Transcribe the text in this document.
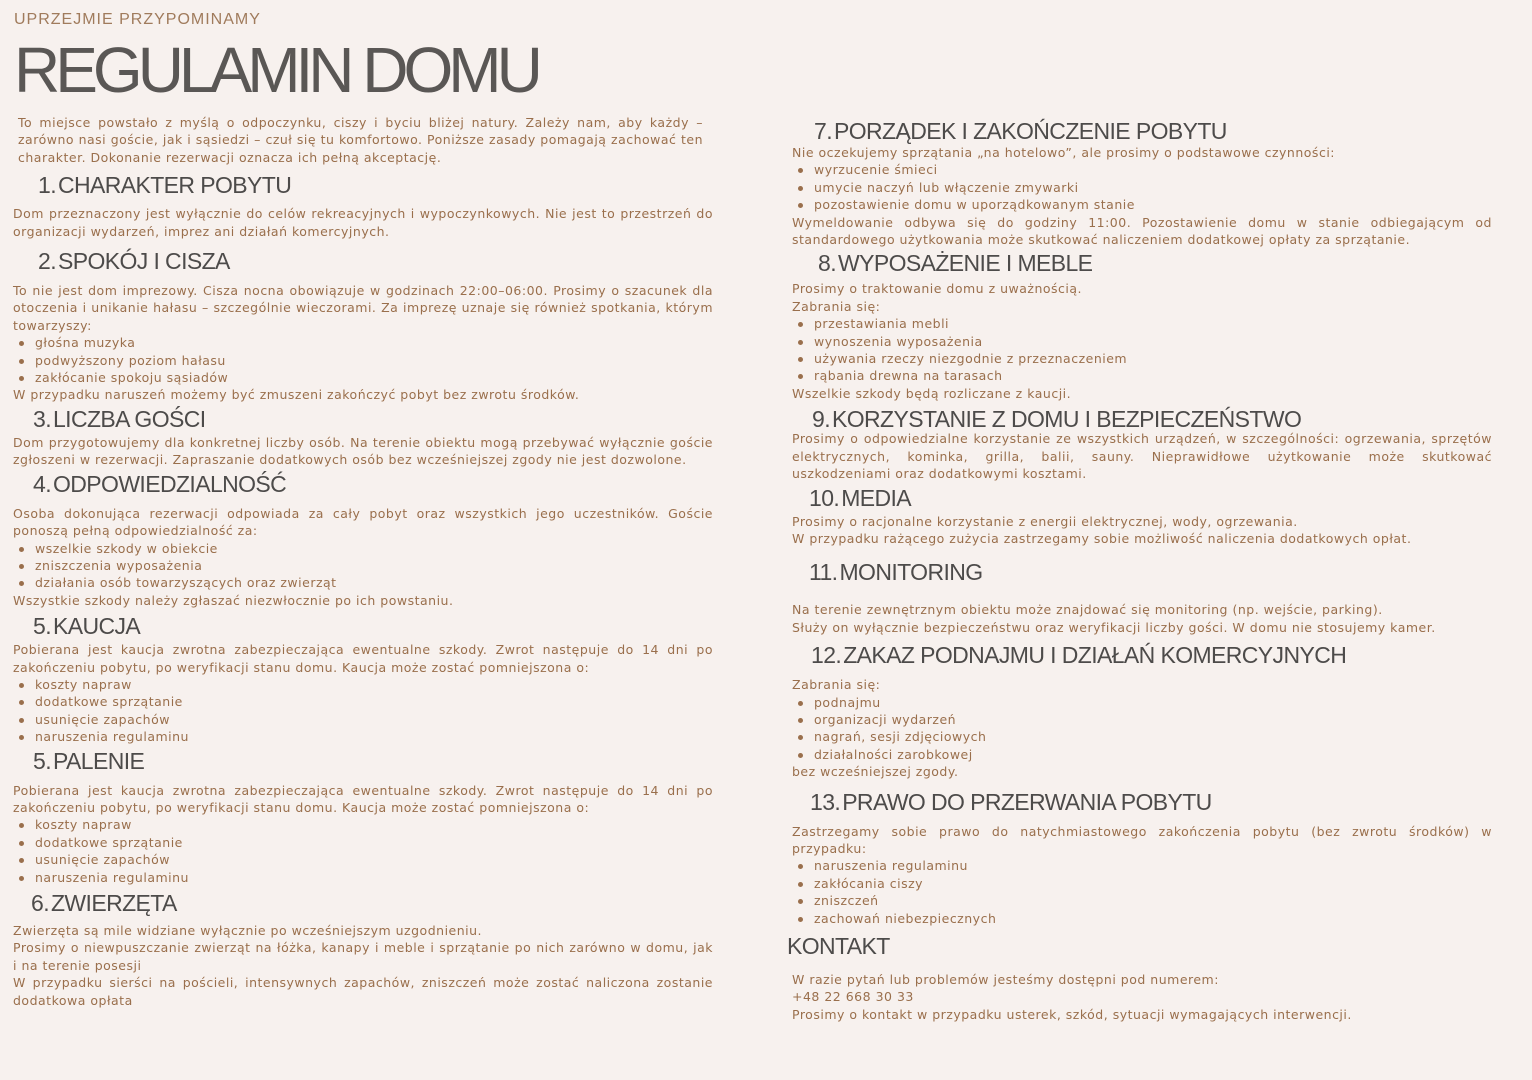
UPRZEJMIE PRZYPOMINAMY
REGULAMIN DOMU

To miejsce powstało z myślą o odpoczynku, ciszy i byciu bliżej natury. Zależy nam, aby każdy – zarówno nasi goście, jak i sąsiedzi – czuł się tu komfortowo. Poniższe zasady pomagają zachować ten charakter. Dokonanie rezerwacji oznacza ich pełną akceptację.

1.CHARAKTER POBYTU

Dom przeznaczony jest wyłącznie do celów rekreacyjnych i wypoczynkowych. Nie jest to przestrzeń do organizacji wydarzeń, imprez ani działań komercyjnych.

2.SPOKÓJ I CISZA

To nie jest dom imprezowy. Cisza nocna obowiązuje w godzinach 22:00–06:00. Prosimy o szacunek dla otoczenia i unikanie hałasu – szczególnie wieczorami. Za imprezę uznaje się również spotkania, którym towarzyszy:

głośna muzyka
podwyższony poziom hałasu
zakłócanie spokoju sąsiadów

W przypadku naruszeń możemy być zmuszeni zakończyć pobyt bez zwrotu środków.

3.LICZBA GOŚCI

Dom przygotowujemy dla konkretnej liczby osób. Na terenie obiektu mogą przebywać wyłącznie goście zgłoszeni w rezerwacji. Zapraszanie dodatkowych osób bez wcześniejszej zgody nie jest dozwolone.

4.ODPOWIEDZIALNOŚĆ

Osoba dokonująca rezerwacji odpowiada za cały pobyt oraz wszystkich jego uczestników. Goście ponoszą pełną odpowiedzialność za:

wszelkie szkody w obiekcie
zniszczenia wyposażenia
działania osób towarzyszących oraz zwierząt

Wszystkie szkody należy zgłaszać niezwłocznie po ich powstaniu.

5.KAUCJA

Pobierana jest kaucja zwrotna zabezpieczająca ewentualne szkody. Zwrot następuje do 14 dni po zakończeniu pobytu, po weryfikacji stanu domu. Kaucja może zostać pomniejszona o:

koszty napraw
dodatkowe sprzątanie
usunięcie zapachów
naruszenia regulaminu
5.PALENIE

Pobierana jest kaucja zwrotna zabezpieczająca ewentualne szkody. Zwrot następuje do 14 dni po zakończeniu pobytu, po weryfikacji stanu domu. Kaucja może zostać pomniejszona o:

koszty napraw
dodatkowe sprzątanie
usunięcie zapachów
naruszenia regulaminu
6.ZWIERZĘTA

Zwierzęta są mile widziane wyłącznie po wcześniejszym uzgodnieniu.

Prosimy o niewpuszczanie zwierząt na łóżka, kanapy i meble i sprzątanie po nich zarówno w domu, jak i na terenie posesji

W przypadku sierści na pościeli, intensywnych zapachów, zniszczeń może zostać naliczona zostanie dodatkowa opłata

7.PORZĄDEK I ZAKOŃCZENIE POBYTU

Nie oczekujemy sprzątania „na hotelowo”, ale prosimy o podstawowe czynności:

wyrzucenie śmieci
umycie naczyń lub włączenie zmywarki
pozostawienie domu w uporządkowanym stanie

Wymeldowanie odbywa się do godziny 11:00. Pozostawienie domu w stanie odbiegającym od standardowego użytkowania może skutkować naliczeniem dodatkowej opłaty za sprzątanie.

8.WYPOSAŻENIE I MEBLE

Prosimy o traktowanie domu z uważnością.

Zabrania się:

przestawiania mebli
wynoszenia wyposażenia
używania rzeczy niezgodnie z przeznaczeniem
rąbania drewna na tarasach

Wszelkie szkody będą rozliczane z kaucji.

9.KORZYSTANIE Z DOMU I BEZPIECZEŃSTWO

Prosimy o odpowiedzialne korzystanie ze wszystkich urządzeń, w szczególności: ogrzewania, sprzętów elektrycznych, kominka, grilla, balii, sauny. Nieprawidłowe użytkowanie może skutkować uszkodzeniami oraz dodatkowymi kosztami.

10.MEDIA

Prosimy o racjonalne korzystanie z energii elektrycznej, wody, ogrzewania.

W przypadku rażącego zużycia zastrzegamy sobie możliwość naliczenia dodatkowych opłat.

11.MONITORING

Na terenie zewnętrznym obiektu może znajdować się monitoring (np. wejście, parking).

Służy on wyłącznie bezpieczeństwu oraz weryfikacji liczby gości. W domu nie stosujemy kamer.

12.ZAKAZ PODNAJMU I DZIAŁAŃ KOMERCYJNYCH

Zabrania się:

podnajmu
organizacji wydarzeń
nagrań, sesji zdjęciowych
działalności zarobkowej

bez wcześniejszej zgody.

13.PRAWO DO PRZERWANIA POBYTU

Zastrzegamy sobie prawo do natychmiastowego zakończenia pobytu (bez zwrotu środków) w przypadku:

naruszenia regulaminu
zakłócania ciszy
zniszczeń
zachowań niebezpiecznych
KONTAKT

W razie pytań lub problemów jesteśmy dostępni pod numerem:

+48 22 668 30 33

Prosimy o kontakt w przypadku usterek, szkód, sytuacji wymagających interwencji.
